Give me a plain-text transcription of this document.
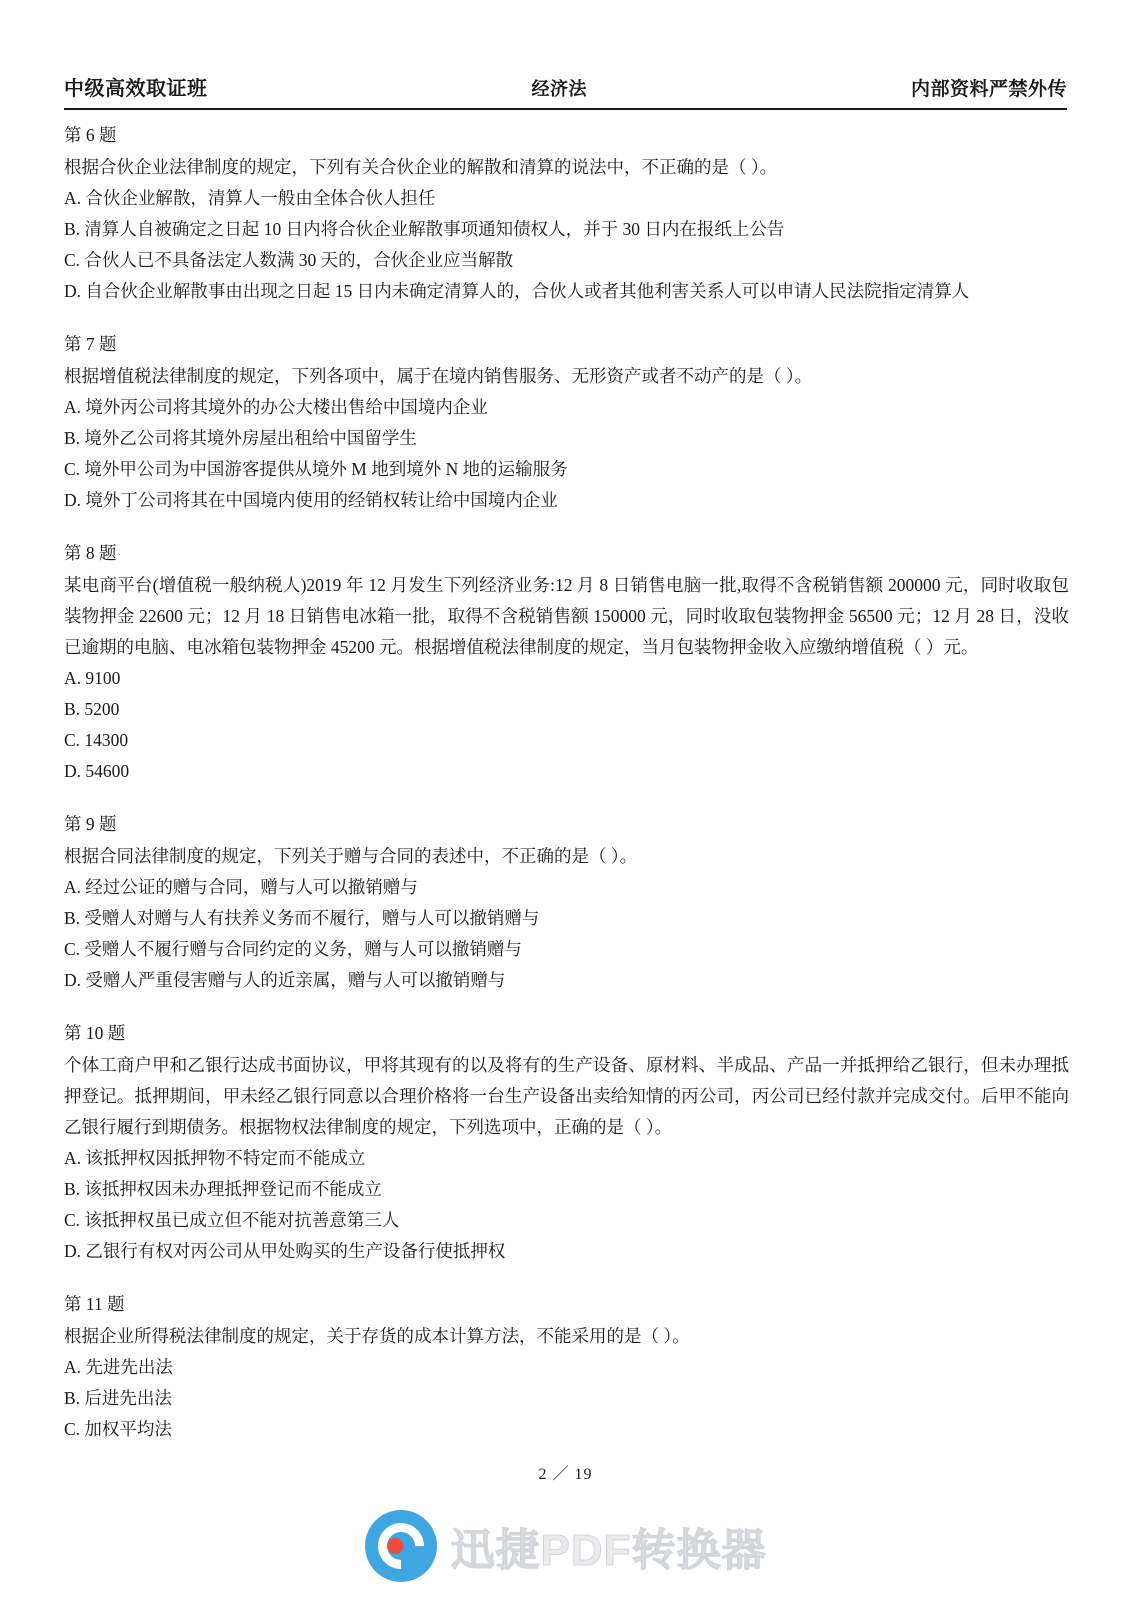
中级高效取证班	经济法	内部资料严禁外传
第 6 题
根据合伙企业法律制度的规定，下列有关合伙企业的解散和清算的说法中，不正确的是（ ）。
A. 合伙企业解散，清算人一般由全体合伙人担任
B. 清算人自被确定之日起 10 日内将合伙企业解散事项通知债权人，并于 30 日内在报纸上公告
C. 合伙人已不具备法定人数满 30 天的，合伙企业应当解散
D. 自合伙企业解散事由出现之日起 15 日内未确定清算人的，合伙人或者其他利害关系人可以申请人民法院指定清算人
第 7 题
根据增值税法律制度的规定，下列各项中，属于在境内销售服务、无形资产或者不动产的是（ ）。
A. 境外丙公司将其境外的办公大楼出售给中国境内企业
B. 境外乙公司将其境外房屋出租给中国留学生
C. 境外甲公司为中国游客提供从境外 M 地到境外 N 地的运输服务
D. 境外丁公司将其在中国境内使用的经销权转让给中国境内企业
第 8 题
某电商平台(增值税一般纳税人)2019 年 12 月发生下列经济业务:12 月 8 日销售电脑一批,取得不含税销售额 200000 元，同时收取包装物押金 22600 元；12 月 18 日销售电冰箱一批，取得不含税销售额 150000 元，同时收取包装物押金 56500 元；12 月 28 日，没收已逾期的电脑、电冰箱包装物押金 45200 元。根据增值税法律制度的规定，当月包装物押金收入应缴纳增值税（ ）元。
A. 9100
B. 5200
C. 14300
D. 54600
第 9 题
根据合同法律制度的规定，下列关于赠与合同的表述中，不正确的是（ ）。
A. 经过公证的赠与合同，赠与人可以撤销赠与
B. 受赠人对赠与人有扶养义务而不履行，赠与人可以撤销赠与
C. 受赠人不履行赠与合同约定的义务，赠与人可以撤销赠与
D. 受赠人严重侵害赠与人的近亲属，赠与人可以撤销赠与
第 10 题
个体工商户甲和乙银行达成书面协议，甲将其现有的以及将有的生产设备、原材料、半成品、产品一并抵押给乙银行，但未办理抵押登记。抵押期间，甲未经乙银行同意以合理价格将一台生产设备出卖给知情的丙公司，丙公司已经付款并完成交付。后甲不能向乙银行履行到期债务。根据物权法律制度的规定，下列选项中，正确的是（ ）。
A. 该抵押权因抵押物不特定而不能成立
B. 该抵押权因未办理抵押登记而不能成立
C. 该抵押权虽已成立但不能对抗善意第三人
D. 乙银行有权对丙公司从甲处购买的生产设备行使抵押权
第 11 题
根据企业所得税法律制度的规定，关于存货的成本计算方法，不能采用的是（ ）。
A. 先进先出法
B. 后进先出法
C. 加权平均法
2 ／ 19
迅捷PDF转换器
